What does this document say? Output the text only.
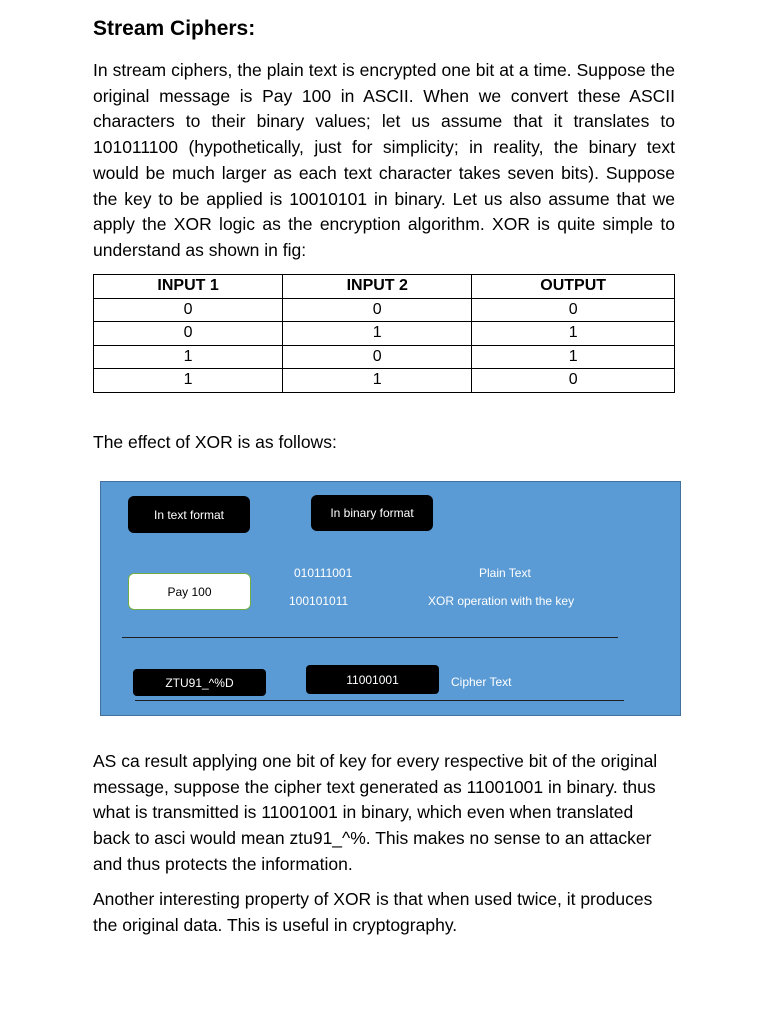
Stream Ciphers:

In stream ciphers, the plain text is encrypted one bit at a time. Suppose the original message is Pay 100 in ASCII. When we convert these ASCII characters to their binary values; let us assume that it translates to 101011100 (hypothetically, just for simplicity; in reality, the binary text would be much larger as each text character takes seven bits). Suppose the key to be applied is 10010101 in binary. Let us also assume that we apply the XOR logic as the encryption algorithm. XOR is quite simple to understand as shown in fig:

INPUT 1	INPUT 2	OUTPUT
0	0	0
0	1	1
1	0	1
1	1	0

The effect of XOR is as follows:

In text format	In binary format
Pay 100
010111001
100101011
Plain Text
XOR operation with the key
ZTU91_^%D	11001001	Cipher Text

AS ca result applying one bit of key for every respective bit of the original message, suppose the cipher text generated as 11001001 in binary. thus what is transmitted is 11001001 in binary, which even when translated back to asci would mean ztu91_^%. This makes no sense to an attacker and thus protects the information.

Another interesting property of XOR is that when used twice, it produces the original data. This is useful in cryptography.
